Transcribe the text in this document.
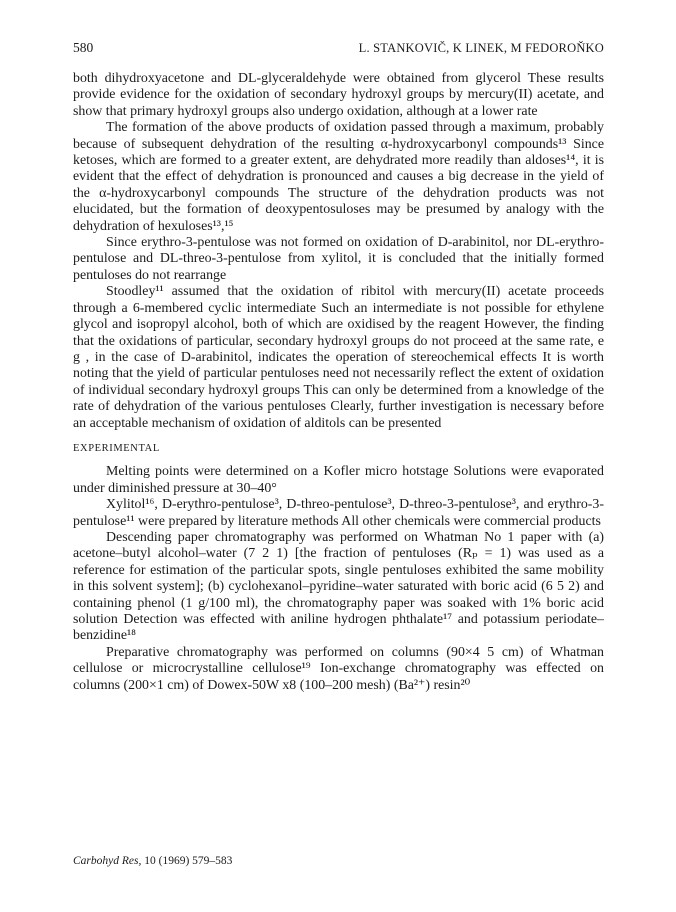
580	L. STANKOVIČ, K LINEK, M FEDOROŇKO

both dihydroxyacetone and DL-glyceraldehyde were obtained from glycerol These results provide evidence for the oxidation of secondary hydroxyl groups by mercury(II) acetate, and show that primary hydroxyl groups also undergo oxidation, although at a lower rate

The formation of the above products of oxidation passed through a maximum, probably because of subsequent dehydration of the resulting α-hydroxycarbonyl compounds¹³ Since ketoses, which are formed to a greater extent, are dehydrated more readily than aldoses¹⁴, it is evident that the effect of dehydration is pronounced and causes a big decrease in the yield of the α-hydroxycarbonyl compounds The structure of the dehydration products was not elucidated, but the formation of deoxypentosuloses may be presumed by analogy with the dehydration of hexuloses¹³,¹⁵

Since erythro-3-pentulose was not formed on oxidation of D-arabinitol, nor DL-erythro-pentulose and DL-threo-3-pentulose from xylitol, it is concluded that the initially formed pentuloses do not rearrange

Stoodley¹¹ assumed that the oxidation of ribitol with mercury(II) acetate proceeds through a 6-membered cyclic intermediate Such an intermediate is not possible for ethylene glycol and isopropyl alcohol, both of which are oxidised by the reagent However, the finding that the oxidations of particular, secondary hydroxyl groups do not proceed at the same rate, e g , in the case of D-arabinitol, indicates the operation of stereochemical effects It is worth noting that the yield of particular pentuloses need not necessarily reflect the extent of oxidation of individual secondary hydroxyl groups This can only be determined from a knowledge of the rate of dehydration of the various pentuloses Clearly, further investigation is necessary before an acceptable mechanism of oxidation of alditols can be presented

EXPERIMENTAL

Melting points were determined on a Kofler micro hotstage Solutions were evaporated under diminished pressure at 30–40°

Xylitol¹⁶, D-erythro-pentulose³, D-threo-pentulose³, D-threo-3-pentulose³, and erythro-3-pentulose¹¹ were prepared by literature methods All other chemicals were commercial products

Descending paper chromatography was performed on Whatman No 1 paper with (a) acetone–butyl alcohol–water (7 2 1) [the fraction of pentuloses (Rₚ = 1) was used as a reference for estimation of the particular spots, single pentuloses exhibited the same mobility in this solvent system]; (b) cyclohexanol–pyridine–water saturated with boric acid (6 5 2) and containing phenol (1 g/100 ml), the chromatography paper was soaked with 1% boric acid solution Detection was effected with aniline hydrogen phthalate¹⁷ and potassium periodate–benzidine¹⁸

Preparative chromatography was performed on columns (90×4 5 cm) of Whatman cellulose or microcrystalline cellulose¹⁹ Ion-exchange chromatography was effected on columns (200×1 cm) of Dowex-50W x8 (100–200 mesh) (Ba²⁺) resin²⁰

Carbohyd Res, 10 (1969) 579–583
